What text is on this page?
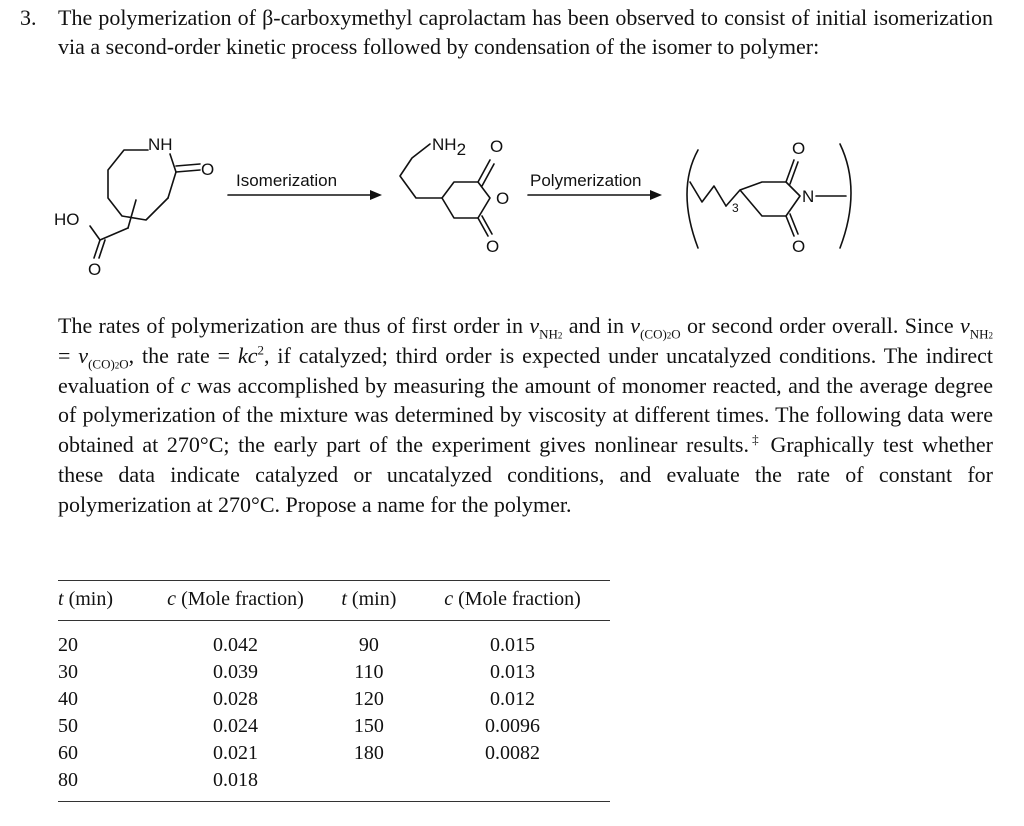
3. The polymerization of β-carboxymethyl caprolactam has been observed to consist of initial isomerization via a second-order kinetic process followed by condensation of the isomer to polymer:

NH
O
HO
O
Isomerization
NH2 O
O
O
Polymerization
3
O
N
O

The rates of polymerization are thus of first order in $\nu_{NH2}$ and in $\nu_{(CO)2O}$ or second order overall. Since $\nu_{NH2} = \nu_{(CO)2O}$, the rate = $kc^2$, if catalyzed; third order is expected under uncatalyzed conditions. The indirect evaluation of c was accomplished by measuring the amount of monomer reacted, and the average degree of polymerization of the mixture was determined by viscosity at different times. The following data were obtained at 270°C; the early part of the experiment gives nonlinear results.‡ Graphically test whether these data indicate catalyzed or uncatalyzed conditions, and evaluate the rate of constant for polymerization at 270°C. Propose a name for the polymer.

t (min)	c (Mole fraction)	t (min)	c (Mole fraction)
20	0.042	90	0.015
30	0.039	110	0.013
40	0.028	120	0.012
50	0.024	150	0.0096
60	0.021	180	0.0082
80	0.018		
